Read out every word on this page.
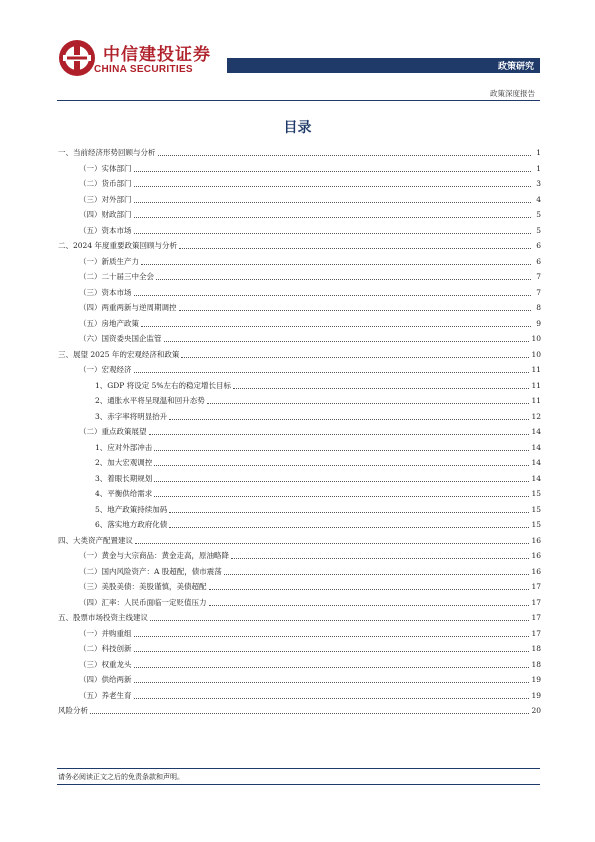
中信建投证券
CHINA SECURITIES	政策研究
政策深度报告
目录
一、当前经济形势回顾与分析	1
（一）实体部门	1
（二）货币部门	3
（三）对外部门	4
（四）财政部门	5
（五）资本市场	5
二、2024 年度重要政策回顾与分析	6
（一）新质生产力	6
（二）二十届三中全会	7
（三）资本市场	7
（四）两重两新与逆周期调控	8
（五）房地产政策	9
（六）国资委央国企监管	10
三、展望 2025 年的宏观经济和政策	10
（一）宏观经济	11
1、GDP 将设定 5%左右的稳定增长目标	11
2、通胀水平将呈现温和回升态势	11
3、赤字率将明显抬升	12
（二）重点政策展望	14
1、应对外部冲击	14
2、加大宏观调控	14
3、着眼长期规划	14
4、平衡供给需求	15
5、地产政策持续加码	15
6、落实地方政府化债	15
四、大类资产配置建议	16
（一）黄金与大宗商品：黄金走高，原油略降	16
（二）国内风险资产：A 股超配，债市震荡	16
（三）美股美债：美股谨慎，美债超配	17
（四）汇率：人民币面临一定贬值压力	17
五、股票市场投资主线建议	17
（一）并购重组	17
（二）科技创新	18
（三）权重龙头	18
（四）供给两新	19
（五）养老生育	19
风险分析	20
请务必阅读正文之后的免责条款和声明。
